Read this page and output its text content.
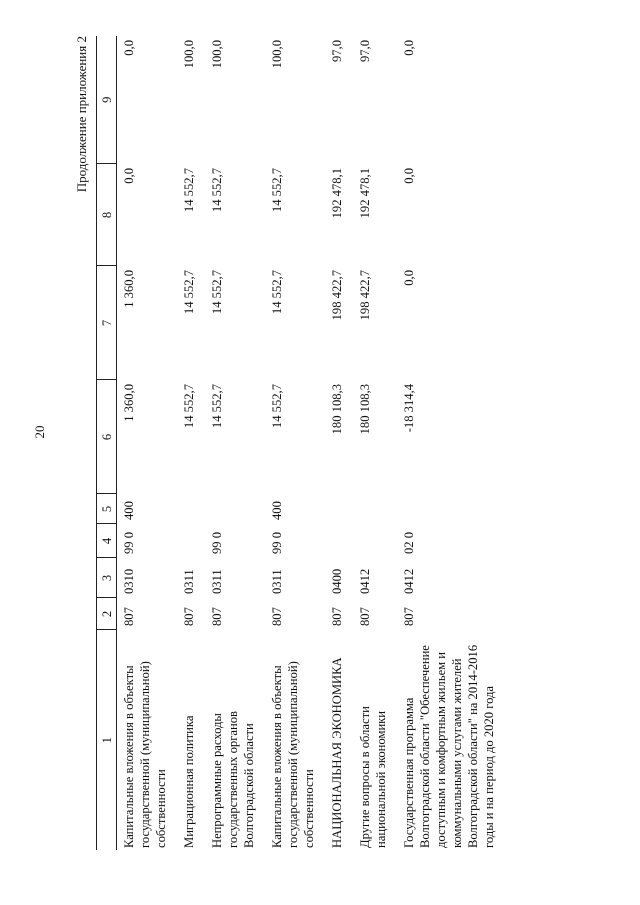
20
Продолжение приложения 2
1	2	3	4	5	6	7	8	9
Капитальные вложения в объекты государственной (муниципальной) собственности	807	0310	99 0	400	1 360,0	1 360,0	0,0	0,0
Миграционная политика	807	0311			14 552,7	14 552,7	14 552,7	100,0
Непрограммные расходы государственных органов Волгоградской области	807	0311	99 0		14 552,7	14 552,7	14 552,7	100,0
Капитальные вложения в объекты государственной (муниципальной) собственности	807	0311	99 0	400	14 552,7	14 552,7	14 552,7	100,0
НАЦИОНАЛЬНАЯ ЭКОНОМИКА	807	0400			180 108,3	198 422,7	192 478,1	97,0
Другие вопросы в области национальной экономики	807	0412			180 108,3	198 422,7	192 478,1	97,0
Государственная программа Волгоградской области "Обеспечение доступным и комфортным жильем и коммунальными услугами жителей Волгоградской области" на 2014-2016 годы и на период до 2020 года	807	0412	02 0		-18 314,4	0,0	0,0	0,0
